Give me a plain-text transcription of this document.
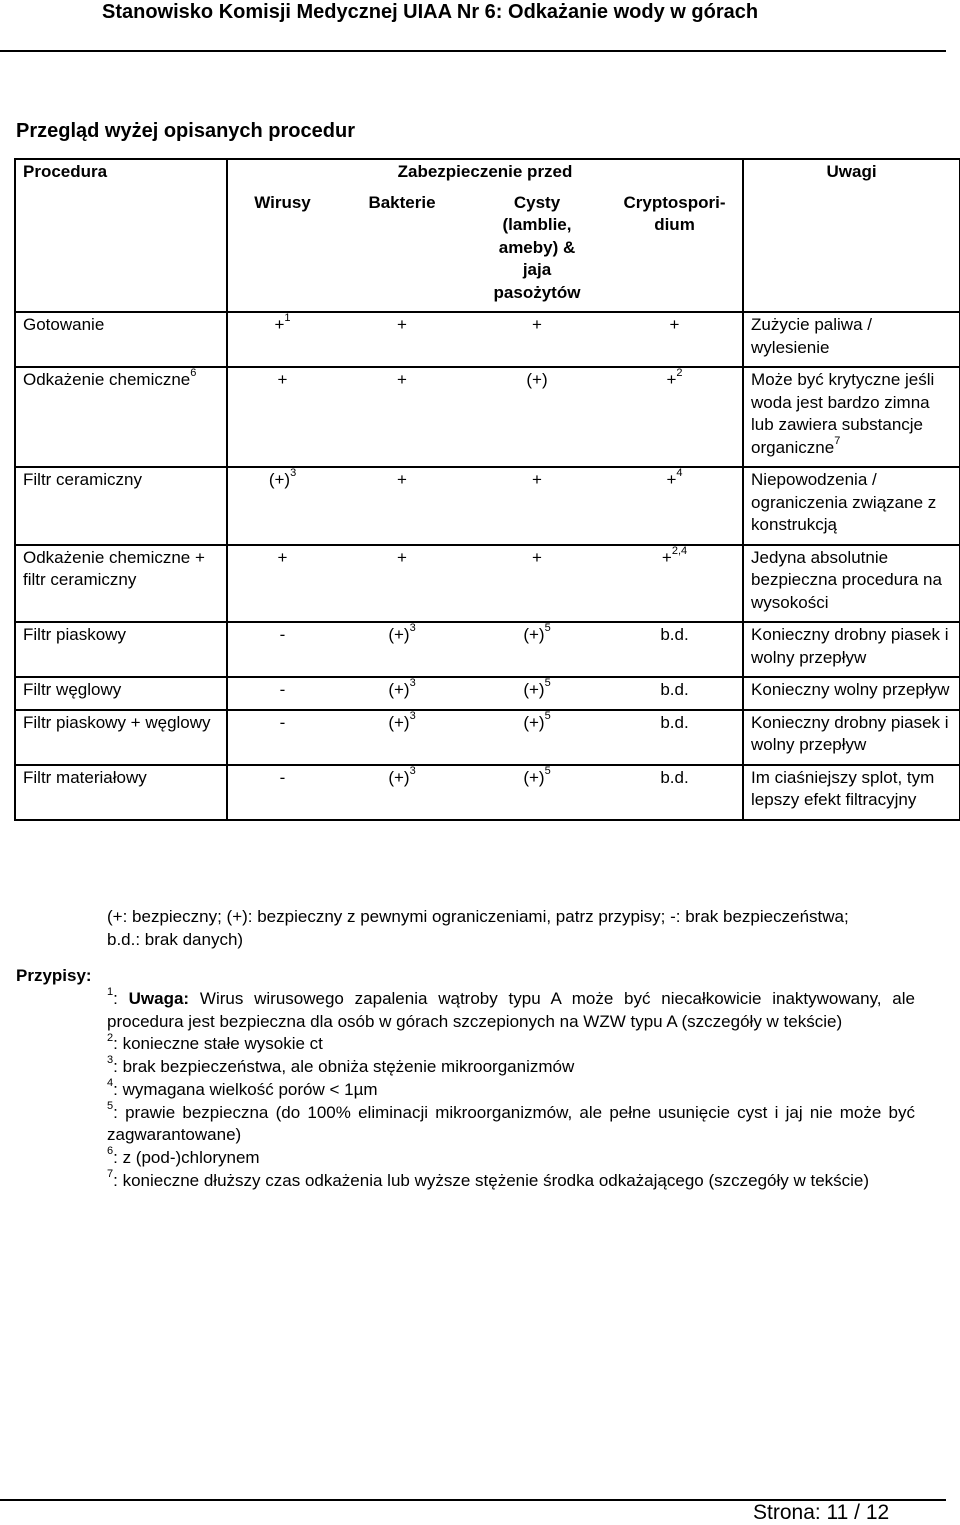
Stanowisko Komisji Medycznej UIAA Nr 6: Odkażanie wody w górach
Przegląd wyżej opisanych procedur
Procedura	Zabezpieczenie przed				Uwagi
	Wirusy	Bakterie	Cysty (lamblie, ameby) & jaja pasożytów	Cryptospori-dium	
Gotowanie	+$^1$	+	+	+	Zużycie paliwa / wylesienie
Odkażenie chemiczne$^6$	+	+	(+)	+$^2$	Może być krytyczne jeśli woda jest bardzo zimna lub zawiera substancje organiczne$^7$
Filtr ceramiczny	$(+)^3$	+	+	+$^4$	Niepowodzenia / ograniczenia związane z konstrukcją
Odkażenie chemiczne + filtr ceramiczny	+	+	+	+$^{2,4}$	Jedyna absolutnie bezpieczna procedura na wysokości
Filtr piaskowy	-	$(+)^3$	$(+)^5$	b.d.	Konieczny drobny piasek i wolny przepływ
Filtr węglowy	-	$(+)^3$	$(+)^5$	b.d.	Konieczny wolny przepływ
Filtr piaskowy + węglowy	-	$(+)^3$	$(+)^5$	b.d.	Konieczny drobny piasek i wolny przepływ
Filtr materiałowy	-	$(+)^3$	$(+)^5$	b.d.	Im ciaśniejszy splot, tym lepszy efekt filtracyjny
(+: bezpieczny; (+): bezpieczny z pewnymi ograniczeniami, patrz przypisy; -: brak bezpieczeństwa; b.d.: brak danych)
Przypisy:

$^1$: Uwaga: Wirus wirusowego zapalenia wątroby typu A może być niecałkowicie inaktywowany, ale procedura jest bezpieczna dla osób w górach szczepionych na WZW typu A (szczegóły w tekście)

$^2$: konieczne stałe wysokie ct

$^3$: brak bezpieczeństwa, ale obniża stężenie mikroorganizmów

$^4$: wymagana wielkość porów < 1µm

$^5$: prawie bezpieczna (do 100% eliminacji mikroorganizmów, ale pełne usunięcie cyst i jaj nie może być zagwarantowane)

$^6$: z (pod-)chlorynem

$^7$: konieczne dłuższy czas odkażenia lub wyższe stężenie środka odkażającego (szczegóły w tekście)

Strona: 11 / 12
